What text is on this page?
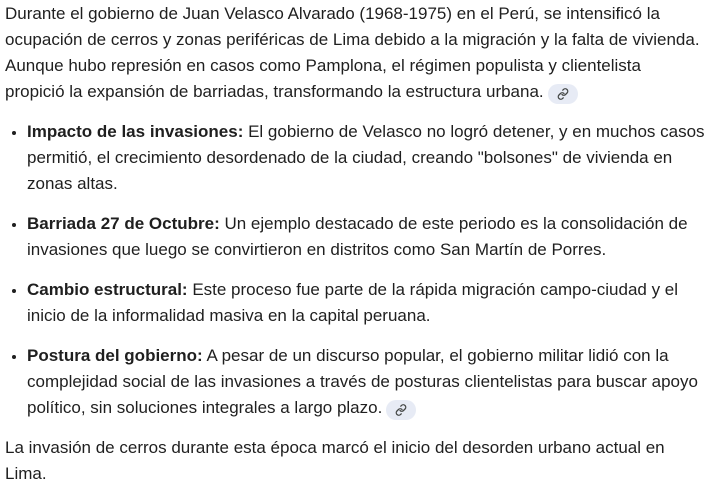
Durante el gobierno de Juan Velasco Alvarado (1968-1975) en el Perú, se intensificó la ocupación de cerros y zonas periféricas de Lima debido a la migración y la falta de vivienda. Aunque hubo represión en casos como Pamplona, el régimen populista y clientelista propició la expansión de barriadas, transformando la estructura urbana.

• Impacto de las invasiones: El gobierno de Velasco no logró detener, y en muchos casos permitió, el crecimiento desordenado de la ciudad, creando "bolsones" de vivienda en zonas altas.
• Barriada 27 de Octubre: Un ejemplo destacado de este periodo es la consolidación de invasiones que luego se convirtieron en distritos como San Martín de Porres.
• Cambio estructural: Este proceso fue parte de la rápida migración campo-ciudad y el inicio de la informalidad masiva en la capital peruana.
• Postura del gobierno: A pesar de un discurso popular, el gobierno militar lidió con la complejidad social de las invasiones a través de posturas clientelistas para buscar apoyo político, sin soluciones integrales a largo plazo.

La invasión de cerros durante esta época marcó el inicio del desorden urbano actual en Lima.
